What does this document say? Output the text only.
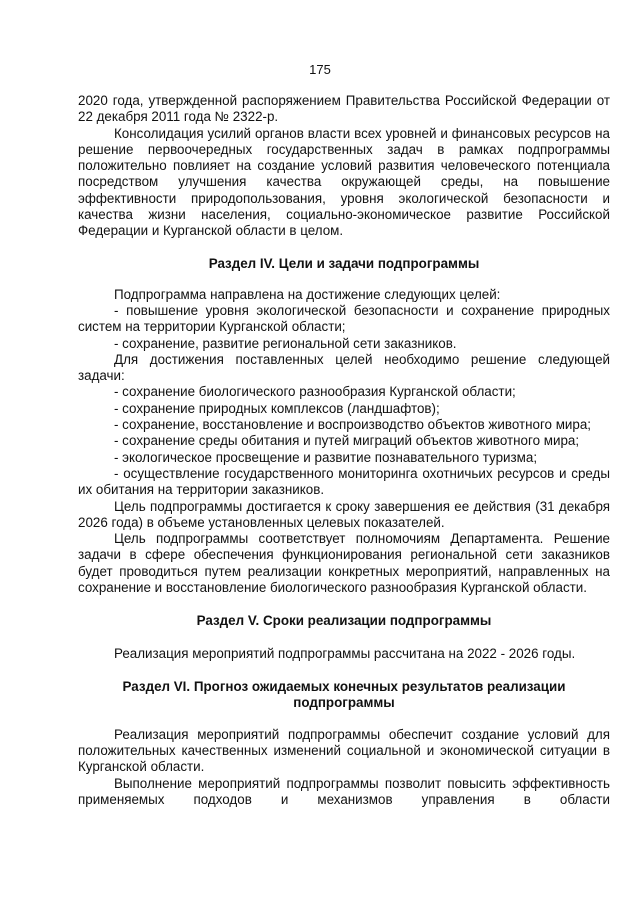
175

2020 года, утвержденной распоряжением Правительства Российской Федерации от 22 декабря 2011 года № 2322-р.

Консолидация усилий органов власти всех уровней и финансовых ресурсов на решение первоочередных государственных задач в рамках подпрограммы положительно повлияет на создание условий развития человеческого потенциала посредством улучшения качества окружающей среды, на повышение эффективности природопользования, уровня экологической безопасности и качества жизни населения, социально-экономическое развитие Российской Федерации и Курганской области в целом.

Раздел IV. Цели и задачи подпрограммы

Подпрограмма направлена на достижение следующих целей:

- повышение уровня экологической безопасности и сохранение природных систем на территории Курганской области;

- сохранение, развитие региональной сети заказников.

Для достижения поставленных целей необходимо решение следующей задачи:

- сохранение биологического разнообразия Курганской области;

- сохранение природных комплексов (ландшафтов);

- сохранение, восстановление и воспроизводство объектов животного мира;

- сохранение среды обитания и путей миграций объектов животного мира;

- экологическое просвещение и развитие познавательного туризма;

- осуществление государственного мониторинга охотничьих ресурсов и среды их обитания на территории заказников.

Цель подпрограммы достигается к сроку завершения ее действия (31 декабря 2026 года) в объеме установленных целевых показателей.

Цель подпрограммы соответствует полномочиям Департамента. Решение задачи в сфере обеспечения функционирования региональной сети заказников будет проводиться путем реализации конкретных мероприятий, направленных на сохранение и восстановление биологического разнообразия Курганской области.

Раздел V. Сроки реализации подпрограммы

Реализация мероприятий подпрограммы рассчитана на 2022 - 2026 годы.

Раздел VI. Прогноз ожидаемых конечных результатов реализации
подпрограммы

Реализация мероприятий подпрограммы обеспечит создание условий для положительных качественных изменений социальной и экономической ситуации в Курганской области.

Выполнение мероприятий подпрограммы позволит повысить эффективность применяемых подходов и механизмов управления в области
